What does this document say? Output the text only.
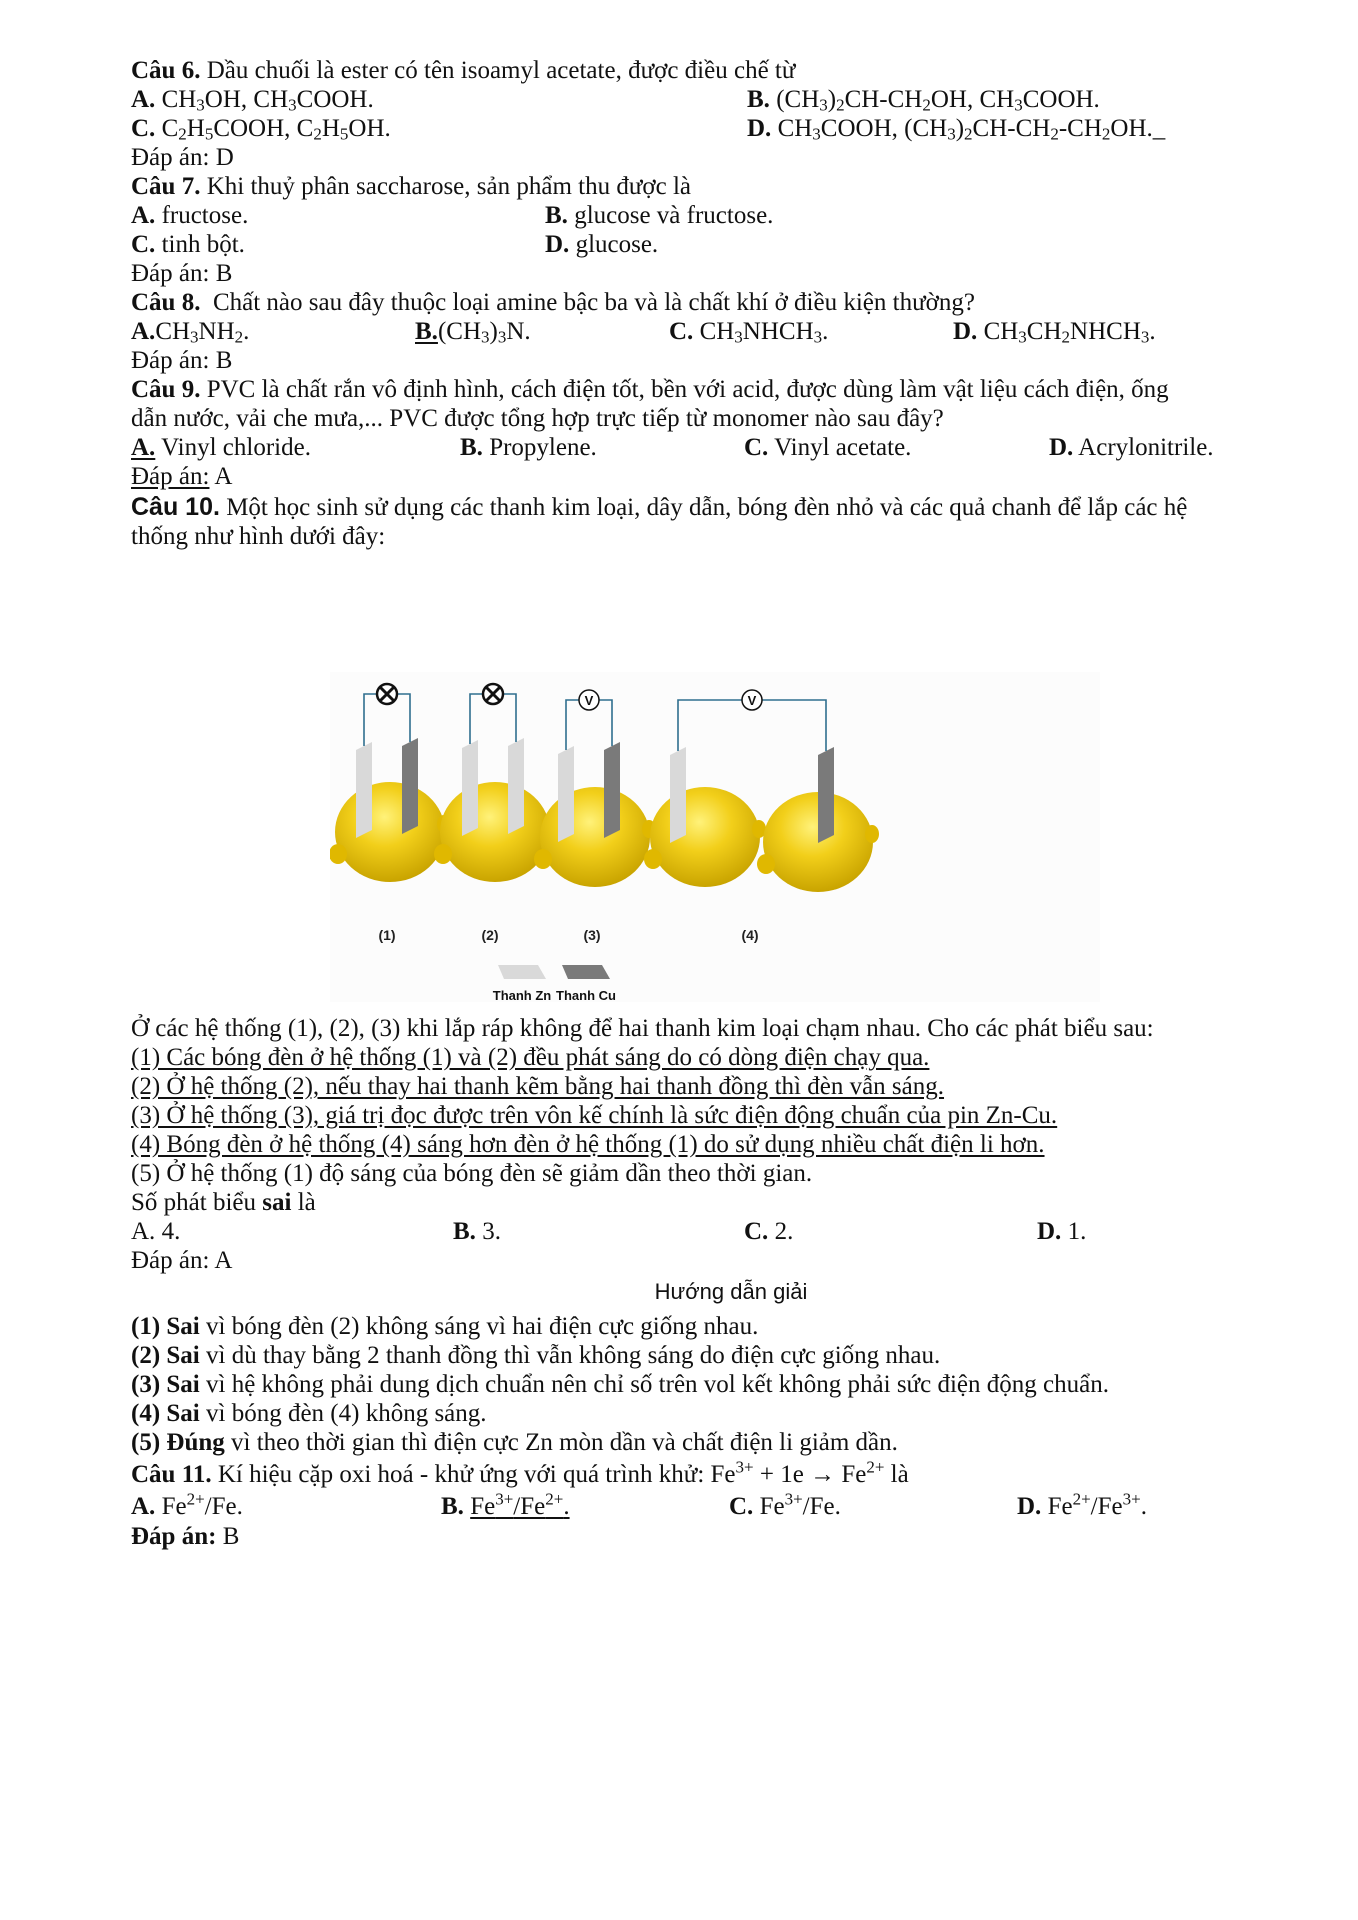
Câu 6. Dầu chuối là ester có tên isoamyl acetate, được điều chế từ
A. $CH_3OH$, $CH_3COOH$.	B. $(CH_3)_2CH-CH_2OH$, $CH_3COOH$.
C. $C_2H_5COOH$, $C_2H_5OH$.	D. $CH_3COOH$, $(CH_3)_2CH-CH_2-CH_2OH.\_$
Đáp án: D
Câu 7. Khi thuỷ phân saccharose, sản phẩm thu được là
A. fructose.	B. glucose và fructose.
C. tinh bột.	D. glucose.
Đáp án: B
Câu 8.  Chất nào sau đây thuộc loại amine bậc ba và là chất khí ở điều kiện thường?
$A.CH_3NH_2$.	$B.(CH_3)_3N$.	C. $CH_3NHCH_3$.	D. $CH_3CH_2NHCH_3$.
Đáp án: B
Câu 9. PVC là chất rắn vô định hình, cách điện tốt, bền với acid, được dùng làm vật liệu cách điện, ống
dẫn nước, vải che mưa,... PVC được tổng hợp trực tiếp từ monomer nào sau đây?
A. Vinyl chloride.	B. Propylene.	C. Vinyl acetate.	D. Acrylonitrile.
Đáp án: A
Câu 10. Một học sinh sử dụng các thanh kim loại, dây dẫn, bóng đèn nhỏ và các quả chanh để lắp các hệ
thống như hình dưới đây:
V	V
(1)	(2)	(3)	(4)
Thanh Zn Thanh Cu
Ở các hệ thống (1), (2), (3) khi lắp ráp không để hai thanh kim loại chạm nhau. Cho các phát biểu sau:
(1) Các bóng đèn ở hệ thống (1) và (2) đều phát sáng do có dòng điện chạy qua.
(2) Ở hệ thống (2), nếu thay hai thanh kẽm bằng hai thanh đồng thì đèn vẫn sáng.
(3) Ở hệ thống (3), giá trị đọc được trên vôn kế chính là sức điện động chuẩn của pin Zn-Cu.
(4) Bóng đèn ở hệ thống (4) sáng hơn đèn ở hệ thống (1) do sử dụng nhiều chất điện li hơn.
(5) Ở hệ thống (1) độ sáng của bóng đèn sẽ giảm dần theo thời gian.
Số phát biểu sai là
A. 4.	B. 3.	C. 2.	D. 1.
Đáp án: A
Hướng dẫn giải
(1) Sai vì bóng đèn (2) không sáng vì hai điện cực giống nhau.
(2) Sai vì dù thay bằng 2 thanh đồng thì vẫn không sáng do điện cực giống nhau.
(3) Sai vì hệ không phải dung dịch chuẩn nên chỉ số trên vol kết không phải sức điện động chuẩn.
(4) Sai vì bóng đèn (4) không sáng.
(5) Đúng vì theo thời gian thì điện cực Zn mòn dần và chất điện li giảm dần.
Câu 11. Kí hiệu cặp oxi hoá - khử ứng với quá trình khử: $Fe^{3+} + 1e \to Fe^{2+}$ là
A. $Fe^{2+}/Fe$.	B. $Fe^{3+}/Fe^{2+}$.	C. $Fe^{3+}/Fe$.	D. $Fe^{2+}/Fe^{3+}$.
Đáp án: B
